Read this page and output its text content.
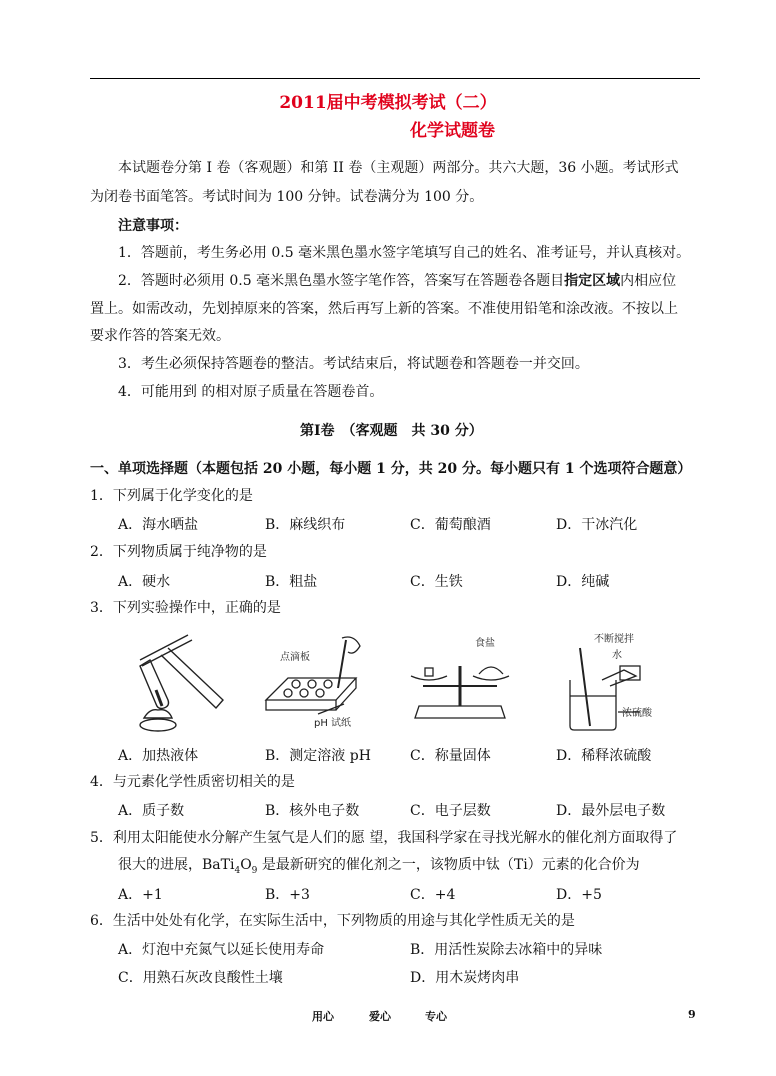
2011届中考模拟考试（二）
化学试题卷
本试题卷分第 I 卷（客观题）和第 II 卷（主观题）两部分。共六大题，36 小题。考试形式
为闭卷书面笔答。考试时间为 100 分钟。试卷满分为 100 分。
注意事项：
1．答题前，考生务必用 0.5 毫米黑色墨水签字笔填写自己的姓名、准考证号，并认真核对。
2．答题时必须用 0.5 毫米黑色墨水签字笔作答，答案写在答题卷各题目指定区域内相应位
置上。如需改动，先划掉原来的答案，然后再写上新的答案。不准使用铅笔和涂改液。不按以上
要求作答的答案无效。
3．考生必须保持答题卷的整洁。考试结束后，将试题卷和答题卷一并交回。
4．可能用到 的相对原子质量在答题卷首。
第Ⅰ卷　（客观题　共 30 分）
一、单项选择题（本题包括 20 小题，每小题 1 分，共 20 分。每小题只有 1 个选项符合题意）
1．下列属于化学变化的是
A．海水晒盐	B．麻线织布	C．葡萄酿酒	D．干冰汽化
2．下列物质属于纯净物的是
A．硬水	B．粗盐	C．生铁	D．纯碱
3．下列实验操作中，正确的是
点滴板
pH 试纸
食盐	不断搅拌
水
浓硫酸
A．加热液体	B．测定溶液 pH	C．称量固体	D．稀释浓硫酸
4．与元素化学性质密切相关的是
A．质子数	B．核外电子数	C．电子层数	D．最外层电子数
5．利用太阳能使水分解产生氢气是人们的愿 望，我国科学家在寻找光解水的催化剂方面取得了
很大的进展，$BaTi_4O_9$ 是最新研究的催化剂之一，该物质中钛（Ti）元素的化合价为
A．+1	B．+3	C．+4	D．+5
6．生活中处处有化学，在实际生活中，下列物质的用途与其化学性质无关的是
A．灯泡中充氮气以延长使用寿命	B．用活性炭除去冰箱中的异味
C．用熟石灰改良酸性土壤	D．用木炭烤肉串
用心	爱心	专心	9
